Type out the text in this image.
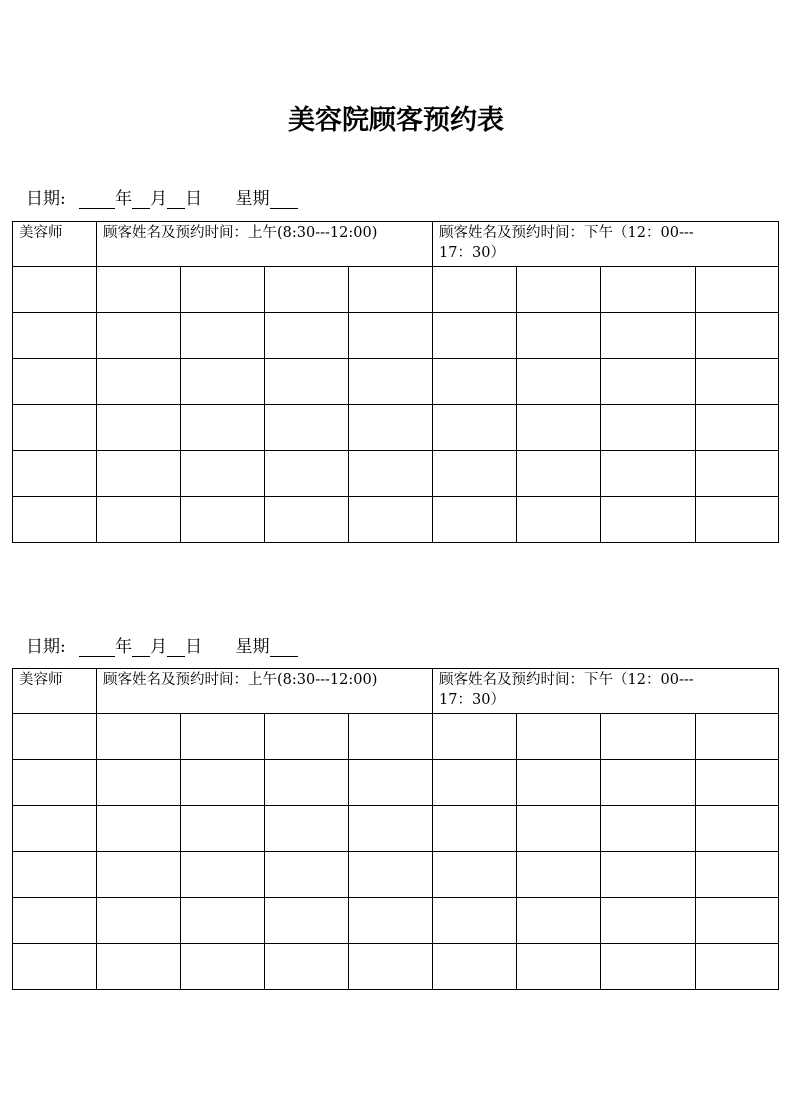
美容院顾客预约表
日期:	年 月 日 星期
美容师	顾客姓名及预约时间：上午(8:30---12:00)				顾客姓名及预约时间：下午（12：00---
17：30）			

日期:	年 月 日 星期
美容师	顾客姓名及预约时间：上午(8:30---12:00)				顾客姓名及预约时间：下午（12：00---
17：30）			
